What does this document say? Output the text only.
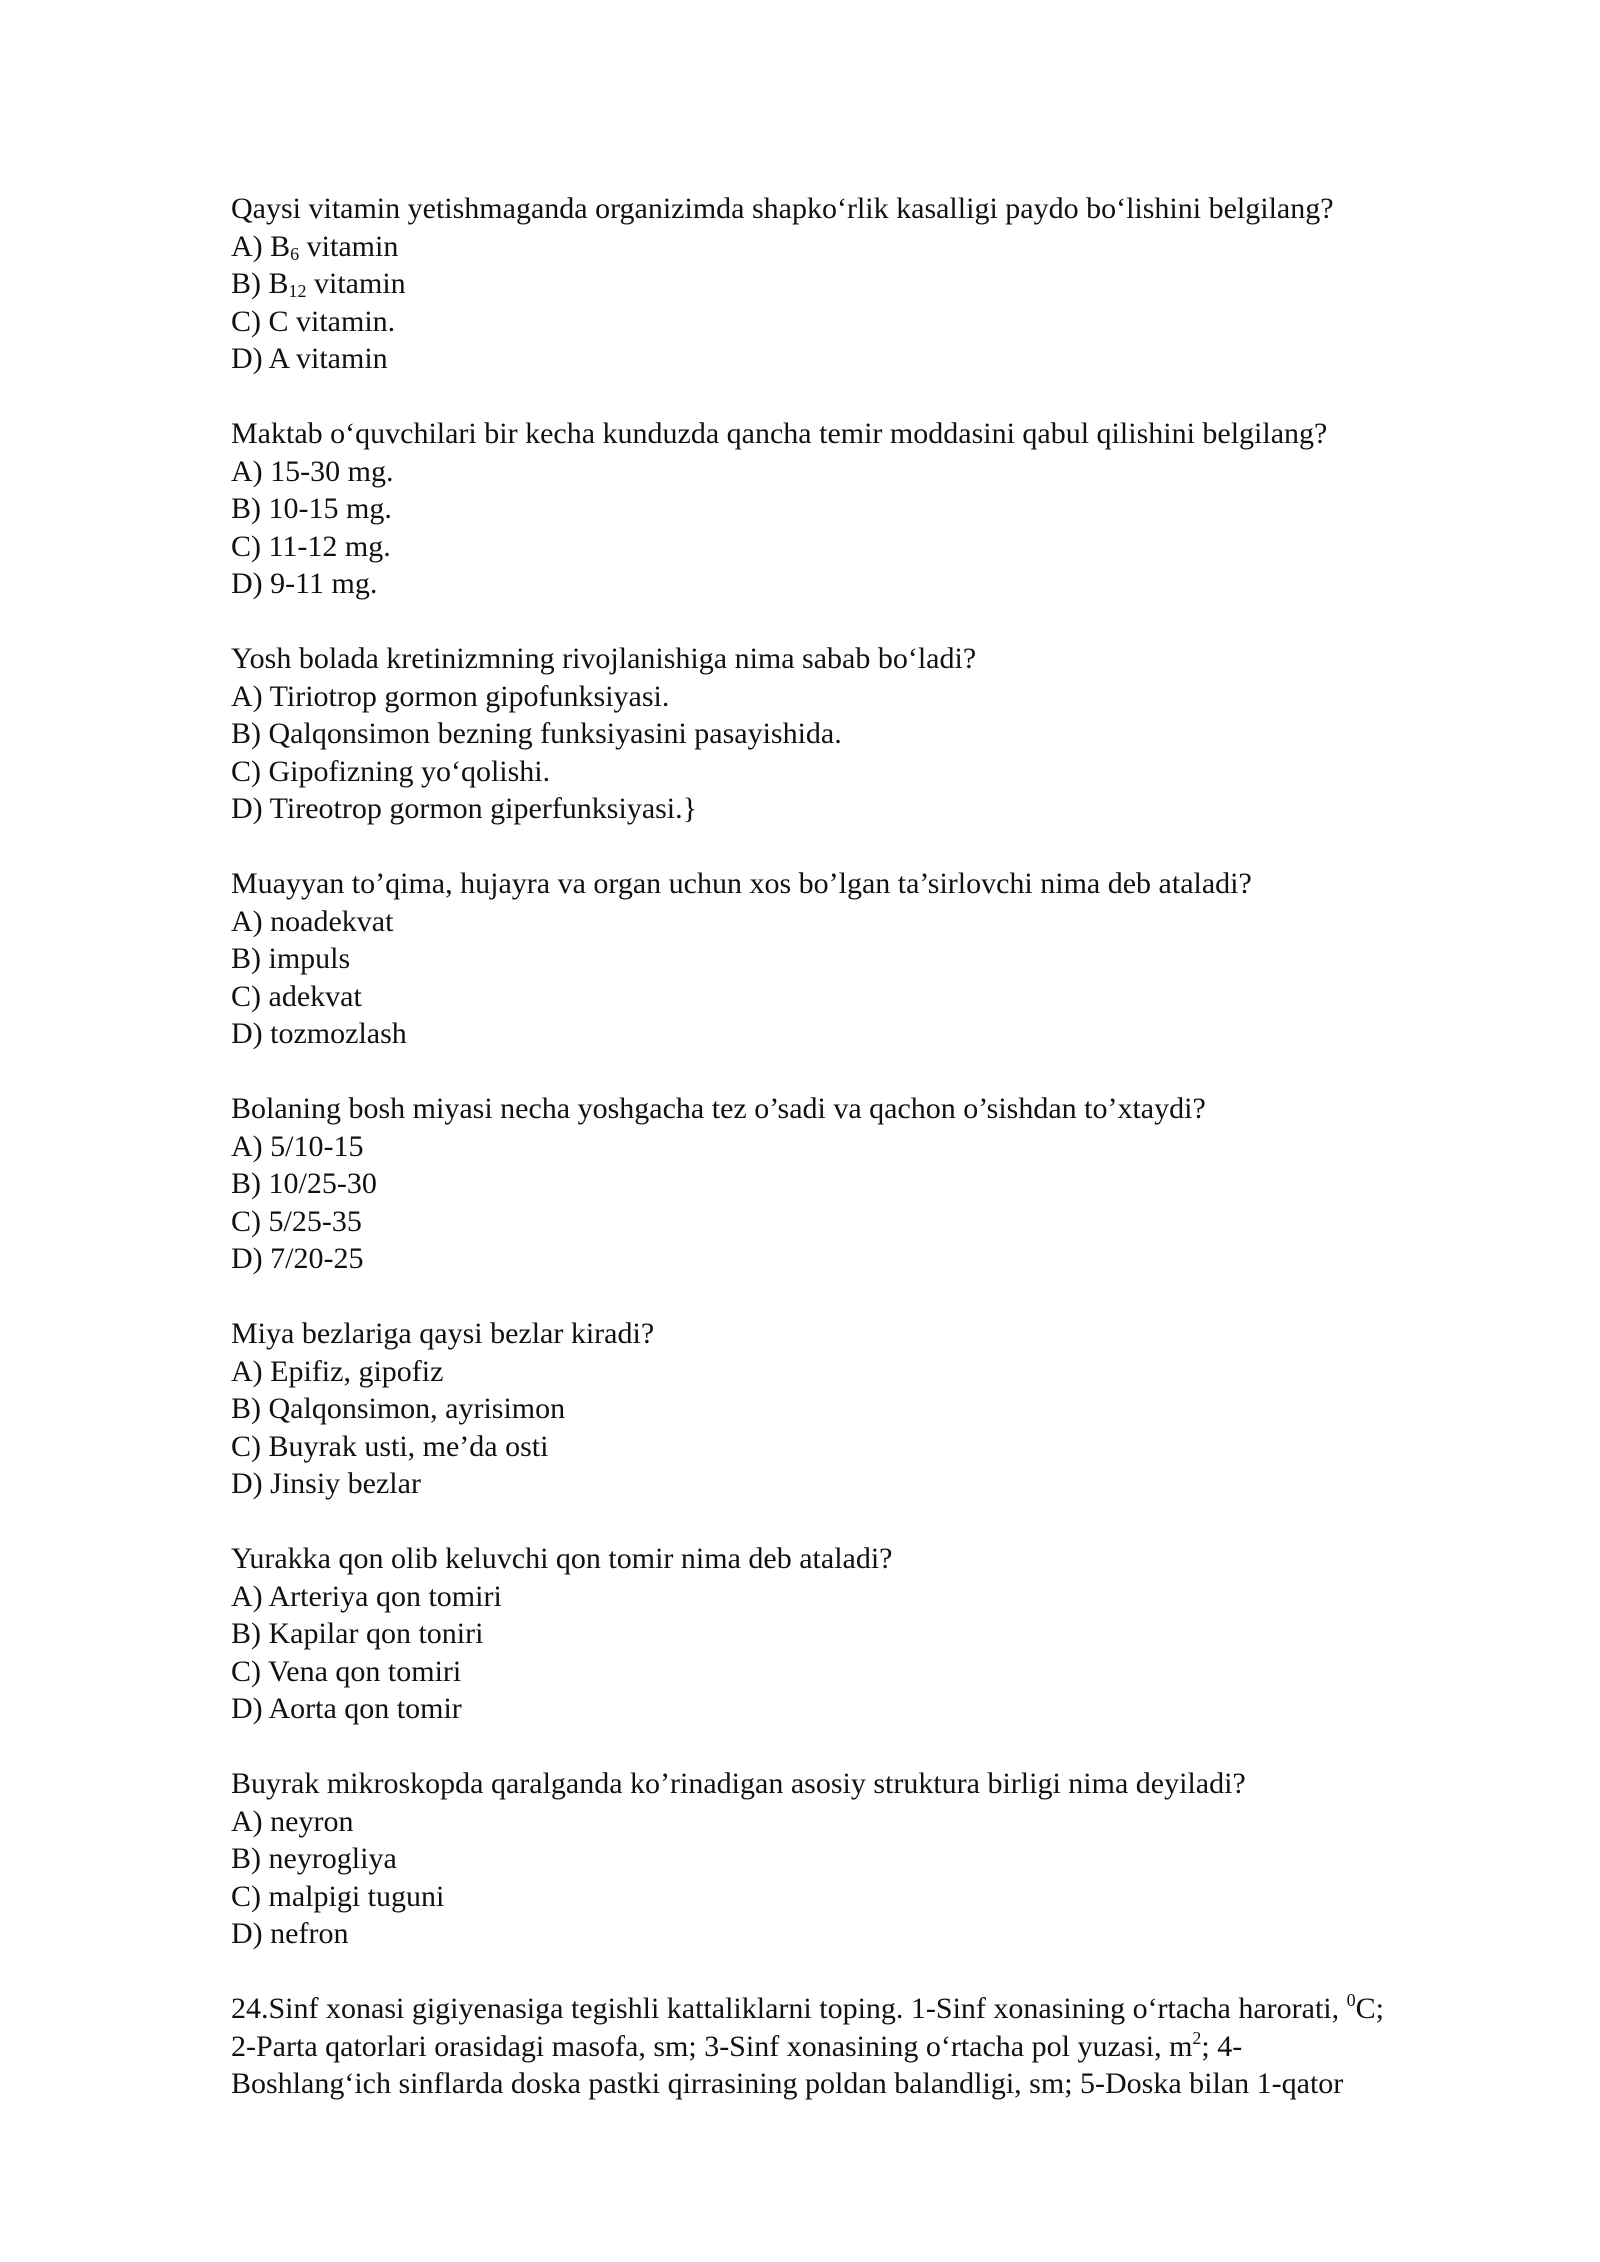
Qaysi vitamin yetishmaganda organizimda shapko‘rlik kasalligi paydo bo‘lishini belgilang?
A) $B_6$ vitamin
B) $B_{12}$ vitamin
C) C vitamin.
D) A vitamin
Maktab o‘quvchilari bir kecha kunduzda qancha temir moddasini qabul qilishini belgilang?
A) 15-30 mg.
B) 10-15 mg.
C) 11-12 mg.
D) 9-11 mg.
Yosh bolada kretinizmning rivojlanishiga nima sabab bo‘ladi?
A) Tiriotrop gormon gipofunksiyasi.
B) Qalqonsimon bezning funksiyasini pasayishida.
C) Gipofizning yo‘qolishi.
D) Tireotrop gormon giperfunksiyasi.}
Muayyan to’qima, hujayra va organ uchun xos bo’lgan ta’sirlovchi nima deb ataladi?
A) noadekvat
B) impuls
C) adekvat
D) tozmozlash
Bolaning bosh miyasi necha yoshgacha tez o’sadi va qachon o’sishdan to’xtaydi?
A) 5/10-15
B) 10/25-30
C) 5/25-35
D) 7/20-25
Miya bezlariga qaysi bezlar kiradi?
A) Epifiz, gipofiz
B) Qalqonsimon, ayrisimon
C) Buyrak usti, me’da osti
D) Jinsiy bezlar
Yurakka qon olib keluvchi qon tomir nima deb ataladi?
A) Arteriya qon tomiri
B) Kapilar qon toniri
C) Vena qon tomiri
D) Aorta qon tomir
Buyrak mikroskopda qaralganda ko’rinadigan asosiy struktura birligi nima deyiladi?
A) neyron
B) neyrogliya
C) malpigi tuguni
D) nefron
24.Sinf xonasi gigiyenasiga tegishli kattaliklarni toping. 1-Sinf xonasining o‘rtacha harorati, $^0$C;
2-Parta qatorlari orasidagi masofa, sm; 3-Sinf xonasining o‘rtacha pol yuzasi, $m^2$; 4-
Boshlang‘ich sinflarda doska pastki qirrasining poldan balandligi, sm; 5-Doska bilan 1-qator
